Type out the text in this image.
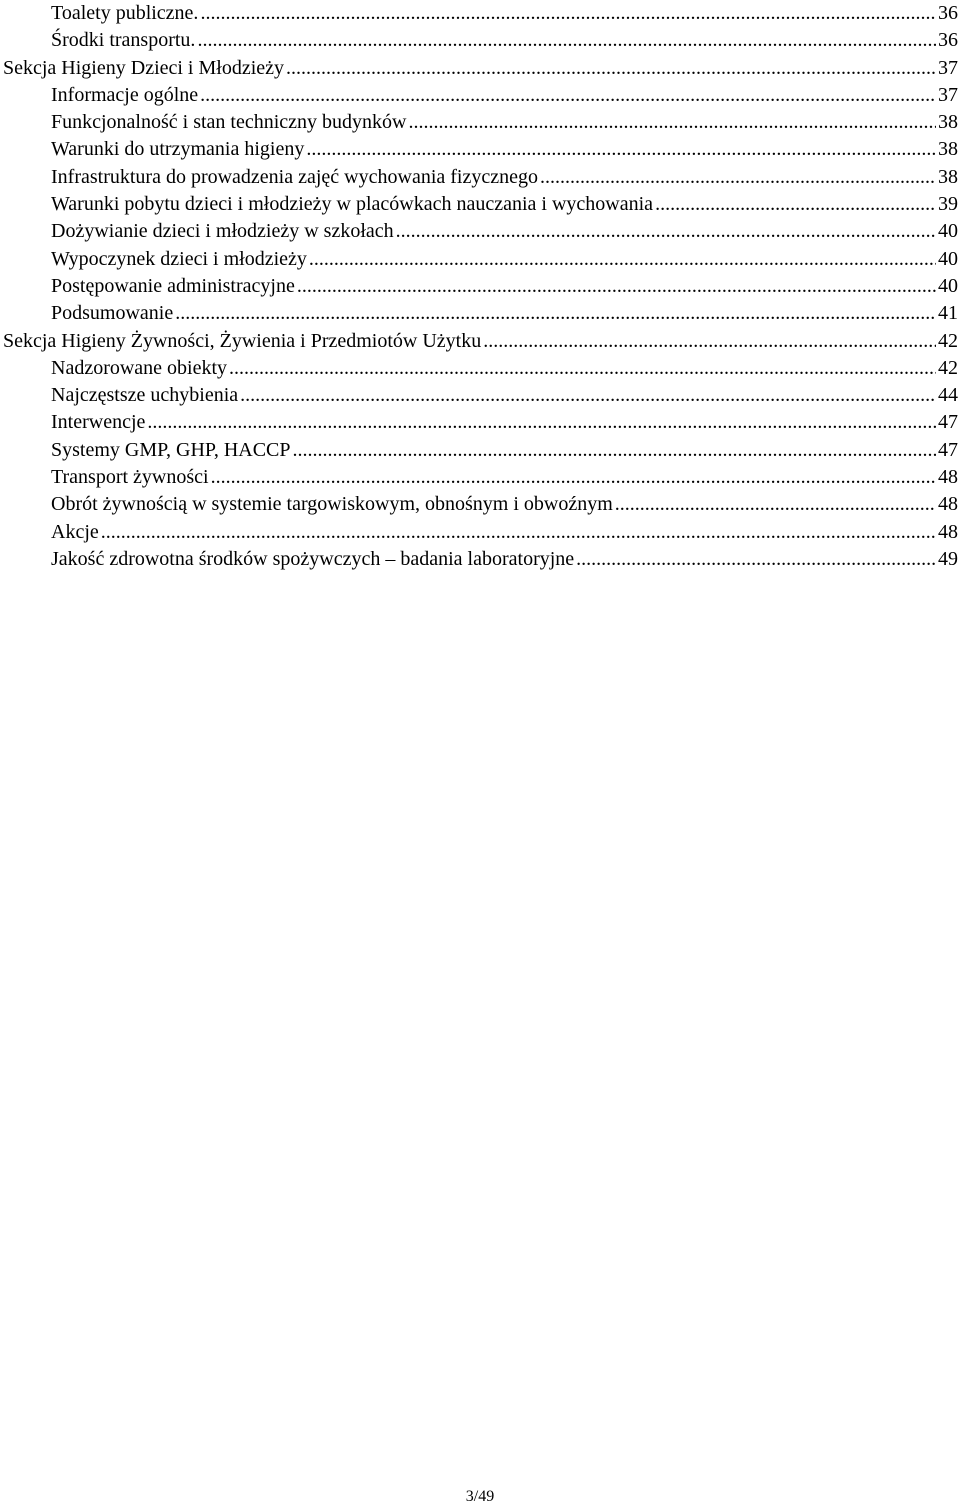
Toalety publiczne. .....	36
Środki transportu. .....	36
Sekcja Higieny Dzieci i Młodzieży .....	37
Informacje ogólne .....	37
Funkcjonalność i stan techniczny budynków .....	38
Warunki do utrzymania higieny .....	38
Infrastruktura do prowadzenia zajęć wychowania fizycznego .....	38
Warunki pobytu dzieci i młodzieży w placówkach nauczania i wychowania .....	39
Dożywianie dzieci i młodzieży w szkołach .....	40
Wypoczynek dzieci i młodzieży .....	40
Postępowanie administracyjne .....	40
Podsumowanie .....	41
Sekcja Higieny Żywności, Żywienia i Przedmiotów Użytku .....	42
Nadzorowane obiekty .....	42
Najczęstsze uchybienia .....	44
Interwencje .....	47
Systemy GMP, GHP, HACCP .....	47
Transport żywności .....	48
Obrót żywnością w systemie targowiskowym, obnośnym i obwoźnym .....	48
Akcje .....	48
Jakość zdrowotna środków spożywczych – badania laboratoryjne .....	49
3/49
